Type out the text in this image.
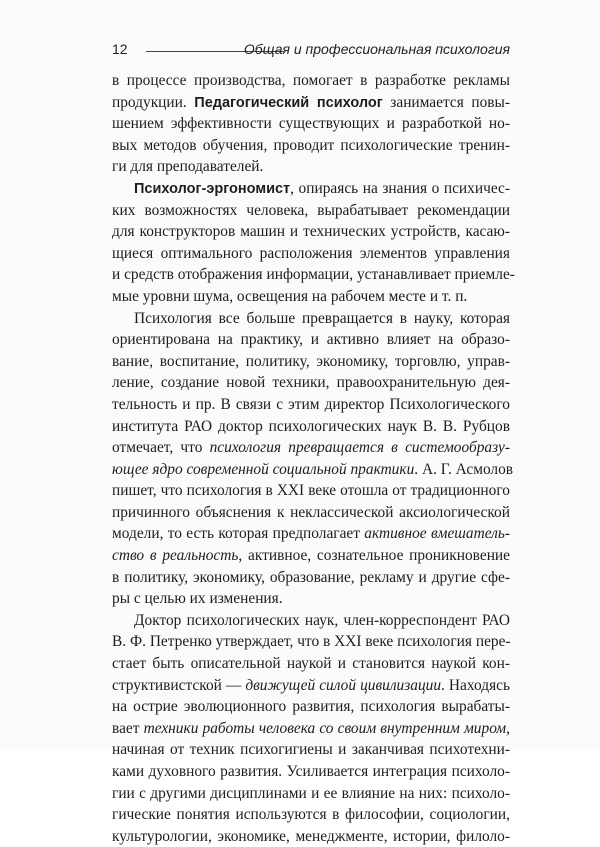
12	Общая и профессиональная психология
в процессе производства, помогает в разработке рекламы
продукции. Педагогический психолог занимается повы-
шением эффективности существующих и разработкой но-
вых методов обучения, проводит психологические тренин-
ги для преподавателей.
Психолог-эргономист, опираясь на знания о психичес-
ких возможностях человека, вырабатывает рекомендации
для конструкторов машин и технических устройств, касаю-
щиеся оптимального расположения элементов управления
и средств отображения информации, устанавливает приемле-
мые уровни шума, освещения на рабочем месте и т. п.
Психология все больше превращается в науку, которая
ориентирована на практику, и активно влияет на образо-
вание, воспитание, политику, экономику, торговлю, управ-
ление, создание новой техники, правоохранительную дея-
тельность и пр. В связи с этим директор Психологического
института РАО доктор психологических наук В. В. Рубцов
отмечает, что психология превращается в системообразу-
ющее ядро современной социальной практики. А. Г. Асмолов
пишет, что психология в XXI веке отошла от традиционного
причинного объяснения к неклассической аксиологической
модели, то есть которая предполагает активное вмешатель-
ство в реальность, активное, сознательное проникновение
в политику, экономику, образование, рекламу и другие сфе-
ры с целью их изменения.
Доктор психологических наук, член-корреспондент РАО
В. Ф. Петренко утверждает, что в XXI веке психология пере-
стает быть описательной наукой и становится наукой кон-
структивистской — движущей силой цивилизации. Находясь
на острие эволюционного развития, психология вырабаты-
вает техники работы человека со своим внутренним миром,
начиная от техник психогигиены и заканчивая психотехни-
ками духовного развития. Усиливается интеграция психоло-
гии с другими дисциплинами и ее влияние на них: психоло-
гические понятия используются в философии, социологии,
культурологии, экономике, менеджменте, истории, филоло-
